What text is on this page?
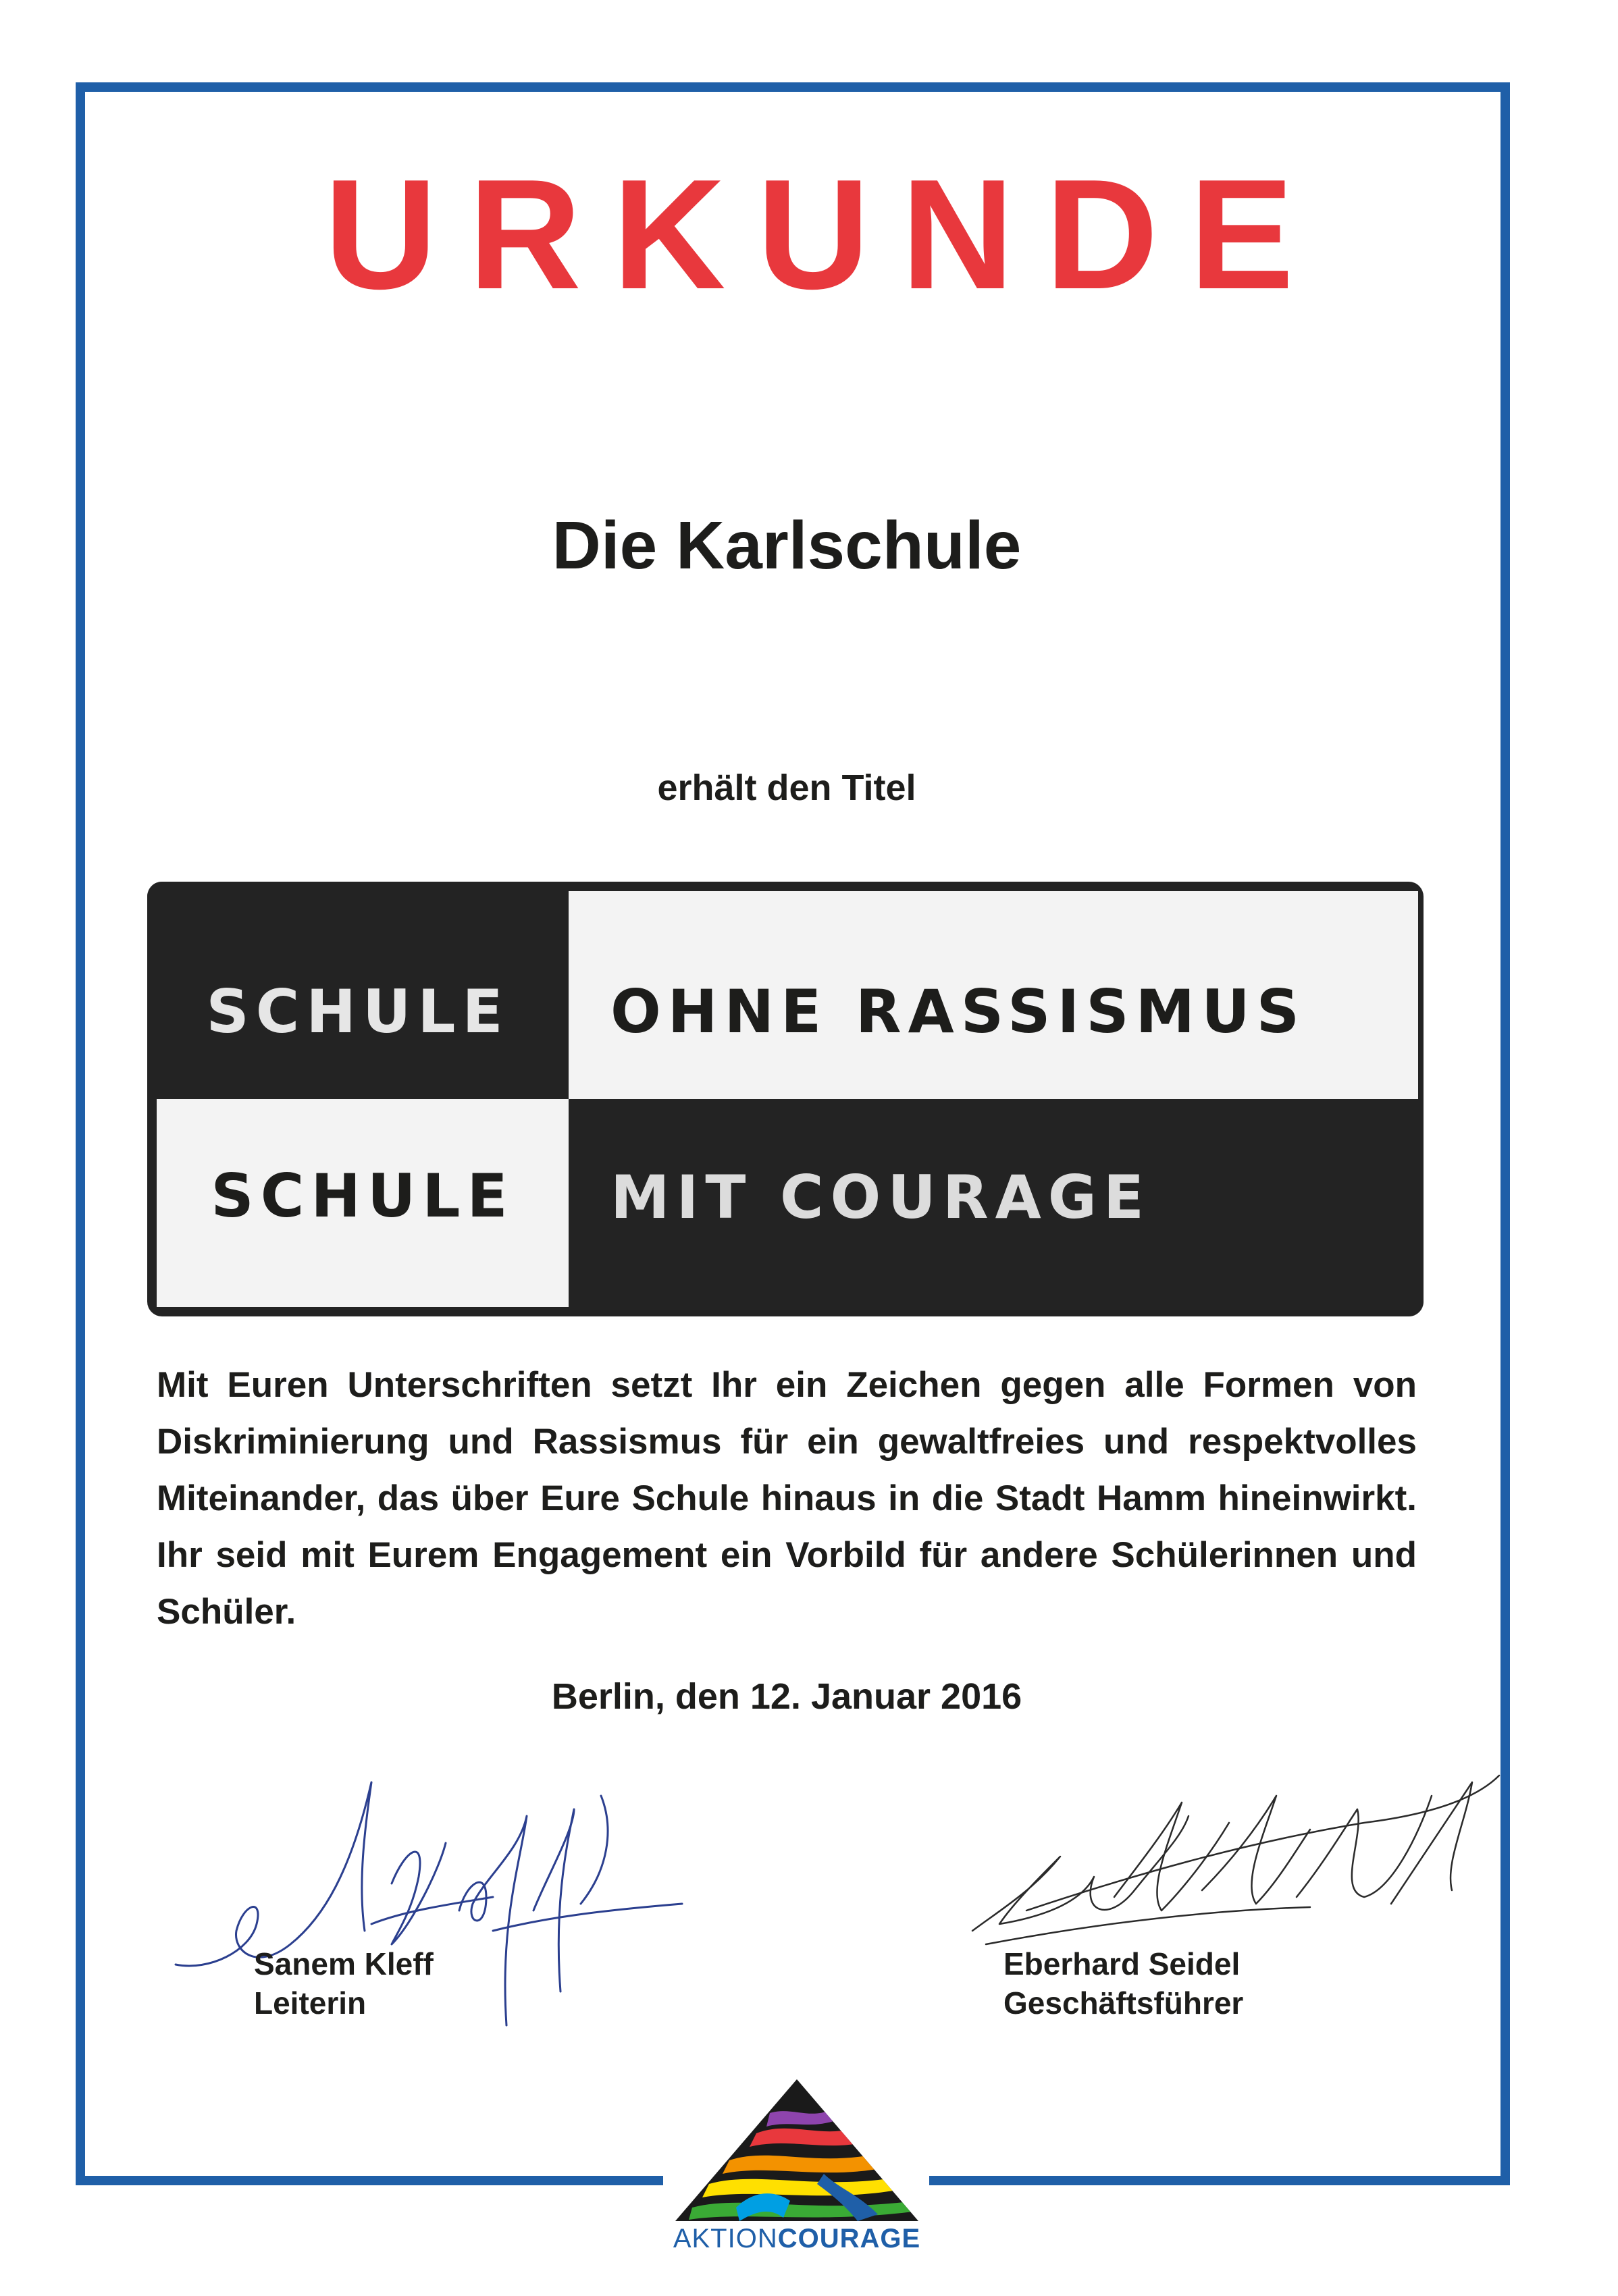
URKUNDE
Die Karlschule
erhält den Titel
SCHULE	OHNE RASSISMUS
SCHULE	MIT COURAGE
Mit Euren Unterschriften setzt Ihr ein Zeichen gegen alle Formen von Diskriminierung und Rassismus für ein gewaltfreies und respektvolles Miteinander, das über Eure Schule hinaus in die Stadt Hamm hineinwirkt. Ihr seid mit Eurem Engagement ein Vorbild für andere Schülerinnen und Schüler.
Berlin, den 12. Januar 2016
Sanem Kleff
Leiterin
Eberhard Seidel
Geschäftsführer
AKTIONCOURAGE
